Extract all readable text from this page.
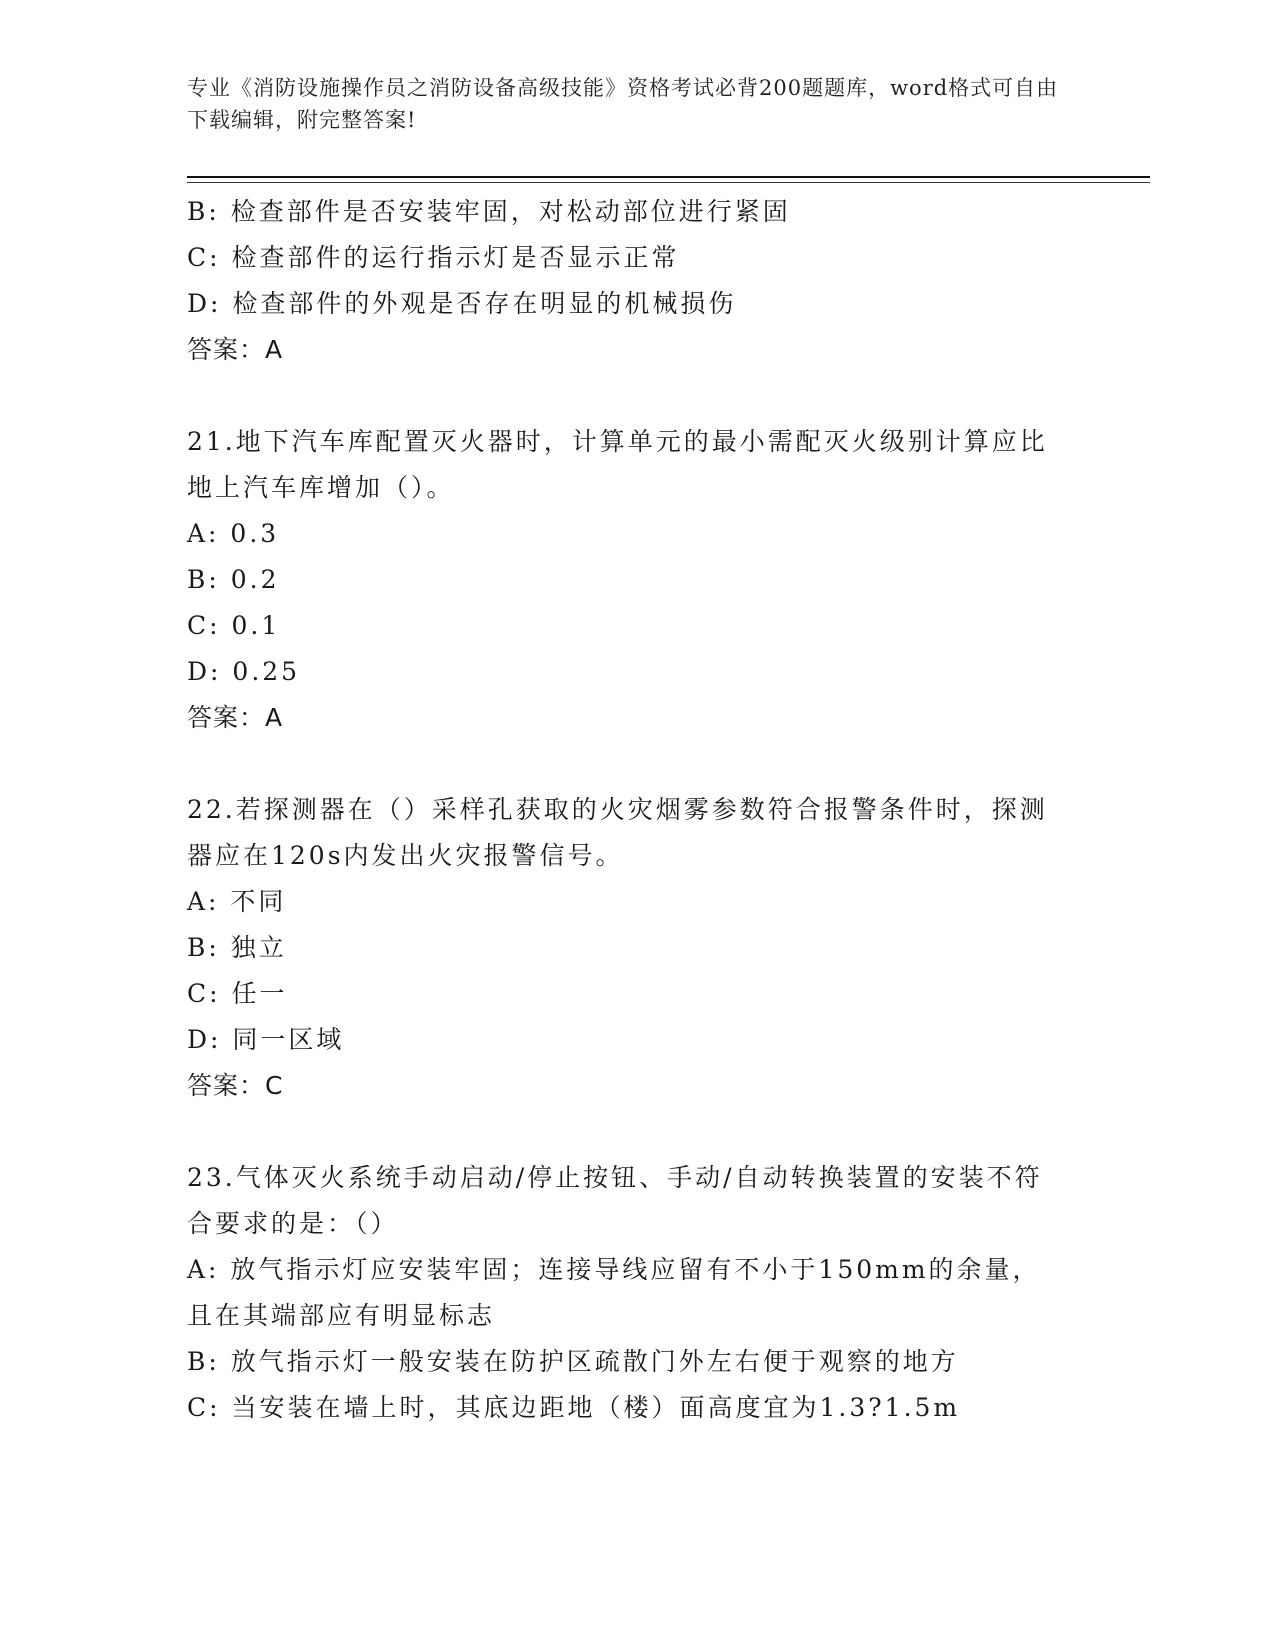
专业《消防设施操作员之消防设备高级技能》资格考试必背200题题库，word格式可自由下载编辑，附完整答案!
B: 检查部件是否安装牢固，对松动部位进行紧固
C: 检查部件的运行指示灯是否显示正常
D: 检查部件的外观是否存在明显的机械损伤
答案：A
21.地下汽车库配置灭火器时，计算单元的最小需配灭火级别计算应比地上汽车库增加（）。
A: 0.3
B: 0.2
C: 0.1
D: 0.25
答案：A
22.若探测器在（）采样孔获取的火灾烟雾参数符合报警条件时，探测器应在120s内发出火灾报警信号。
A: 不同
B: 独立
C: 任一
D: 同一区域
答案：C
23.气体灭火系统手动启动/停止按钮、手动/自动转换装置的安装不符合要求的是：（）
A: 放气指示灯应安装牢固；连接导线应留有不小于150mm的余量，且在其端部应有明显标志
B: 放气指示灯一般安装在防护区疏散门外左右便于观察的地方
C: 当安装在墙上时，其底边距地（楼）面高度宜为1.3?1.5m
